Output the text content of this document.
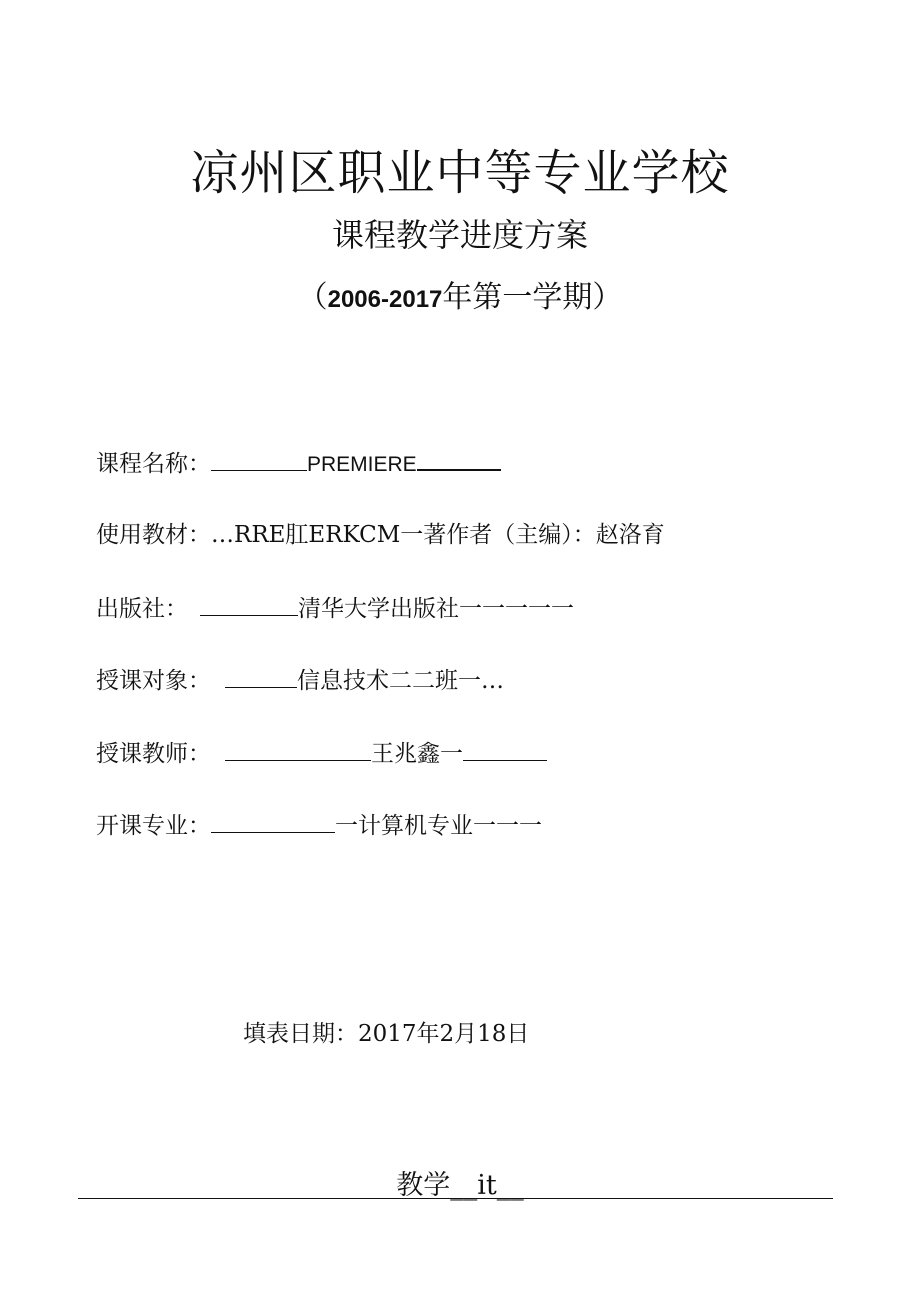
凉州区职业中等专业学校
课程教学进度方案
（2006-2017年第一学期）
课程名称：	PREMIERE
使用教材：…RRE肛ERKCM一著作者（主编）：赵洛育
出版社：	清华大学出版社一一一一一
授课对象：	信息技术二二班一…
授课教师：	王兆鑫一
开课专业：	一计算机专业一一一
填表日期：2017年2月18日
教学__it__
